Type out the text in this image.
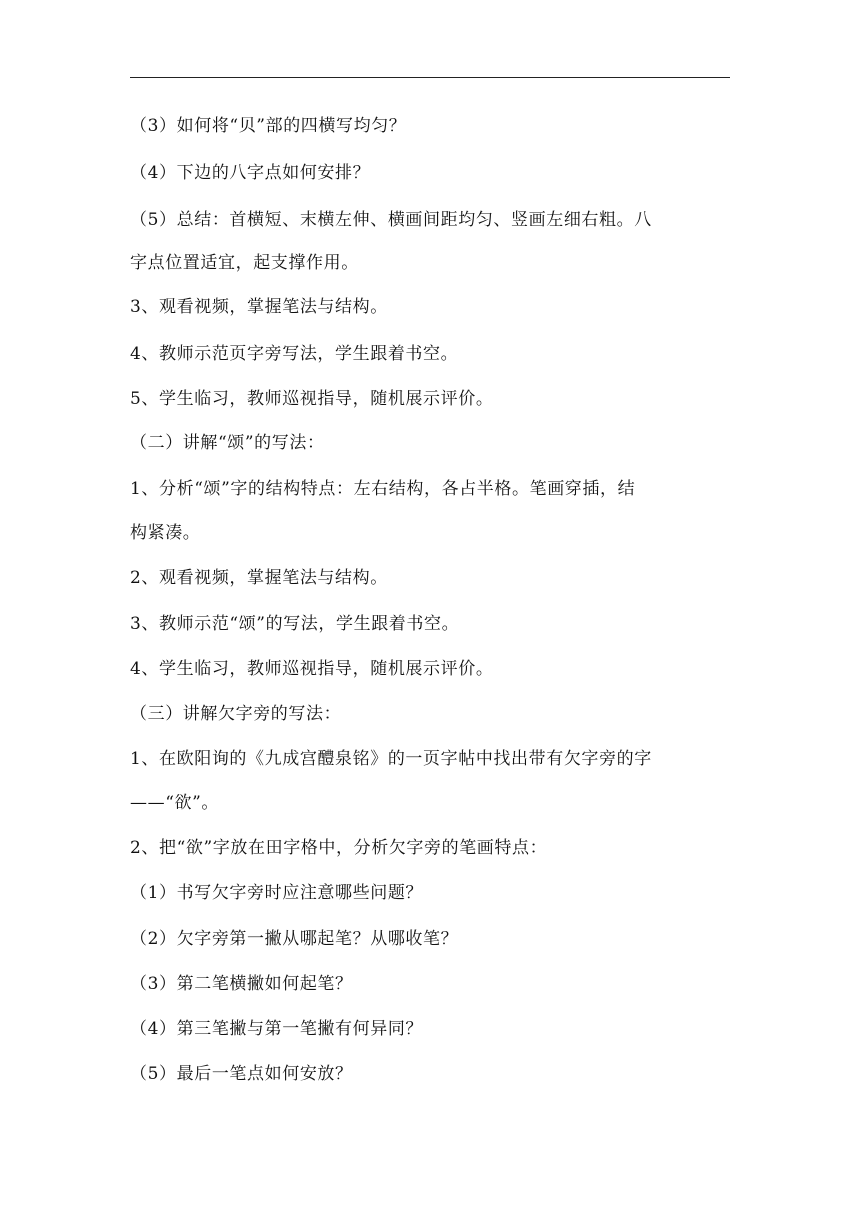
（3）如何将“贝”部的四横写均匀？

（4）下边的八字点如何安排？

（5）总结：首横短、末横左伸、横画间距均匀、竖画左细右粗。八

字点位置适宜，起支撑作用。

3、观看视频，掌握笔法与结构。

4、教师示范页字旁写法，学生跟着书空。

5、学生临习，教师巡视指导，随机展示评价。

（二）讲解“颂”的写法：

1、分析“颂”字的结构特点：左右结构，各占半格。笔画穿插，结

构紧凑。

2、观看视频，掌握笔法与结构。

3、教师示范“颂”的写法，学生跟着书空。

4、学生临习，教师巡视指导，随机展示评价。

（三）讲解欠字旁的写法：

1、在欧阳询的《九成宫醴泉铭》的一页字帖中找出带有欠字旁的字

——“欲”。

2、把“欲”字放在田字格中，分析欠字旁的笔画特点：

（1）书写欠字旁时应注意哪些问题？

（2）欠字旁第一撇从哪起笔？从哪收笔？

（3）第二笔横撇如何起笔？

（4）第三笔撇与第一笔撇有何异同？

（5）最后一笔点如何安放？
